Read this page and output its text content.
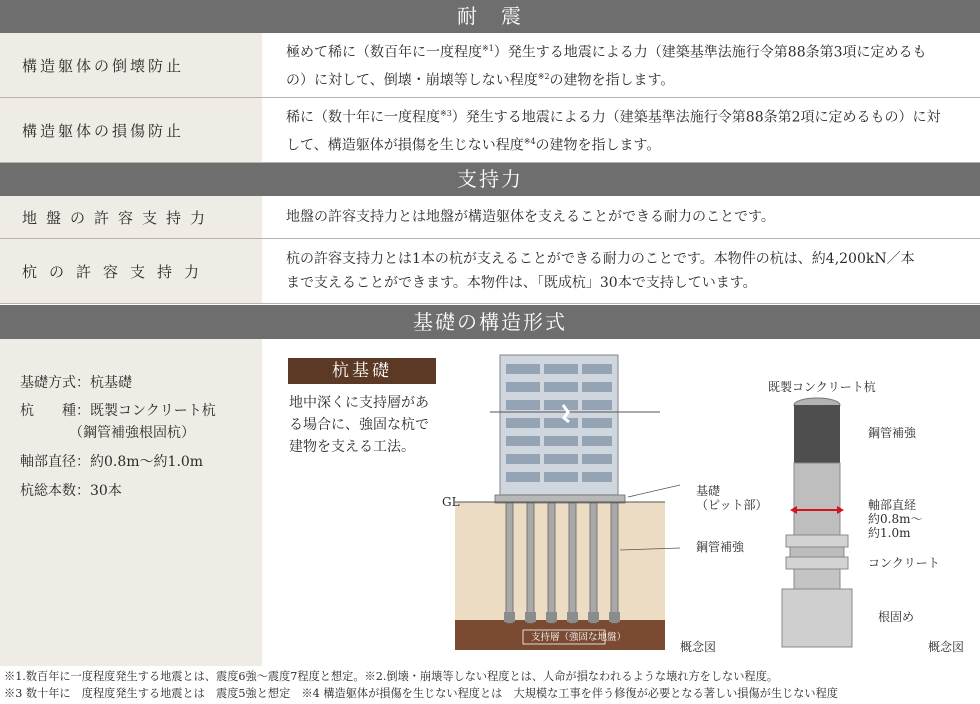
耐　震
構造躯体の倒壊防止
極めて稀に（数百年に一度程度$^{※1}$）発生する地震による力（建築基準法施行令第88条第3項に定めるも
の）に対して、倒壊・崩壊等しない程度$^{※2}$の建物を指します。
構造躯体の損傷防止
稀に（数十年に一度程度$^{※3}$）発生する地震による力（建築基準法施行令第88条第2項に定めるもの）に対
して、構造躯体が損傷を生じない程度$^{※4}$の建物を指します。
支持力
地盤の許容支持力	地盤の許容支持力とは地盤が構造躯体を支えることができる耐力のことです。
杭の許容支持力
杭の許容支持力とは1本の杭が支えることができる耐力のことです。本物件の杭は、約4,200kN／本
まで支えることができます。本物件は、「既成杭」30本で支持しています。
基礎の構造形式
基礎方式：杭基礎
杭　　種：既製コンクリート杭
　　　　（鋼管補強根固杭）
軸部直径：約0.8m〜約1.0m
杭総本数：30本
杭基礎
地中深くに支持層があ
る場合に、強固な杭で
建物を支える工法。
GL
基礎
（ピット部）
鋼管補強
支持層（強固な地盤）
概念図
既製コンクリート杭
鋼管補強
軸部直経
約0.8m〜
約1.0m
コンクリート
根固め
概念図
※1.数百年に一度程度発生する地震とは、震度6強〜震度7程度と想定。※2.倒壊・崩壊等しない程度とは、人命が損なわれるような壊れ方をしない程度。
※3 数十年に　度程度発生する地震とは　震度5強と想定　※4 構造躯体が損傷を生じない程度とは　大規模な工事を伴う修復が必要となる著しい損傷が生じない程度
